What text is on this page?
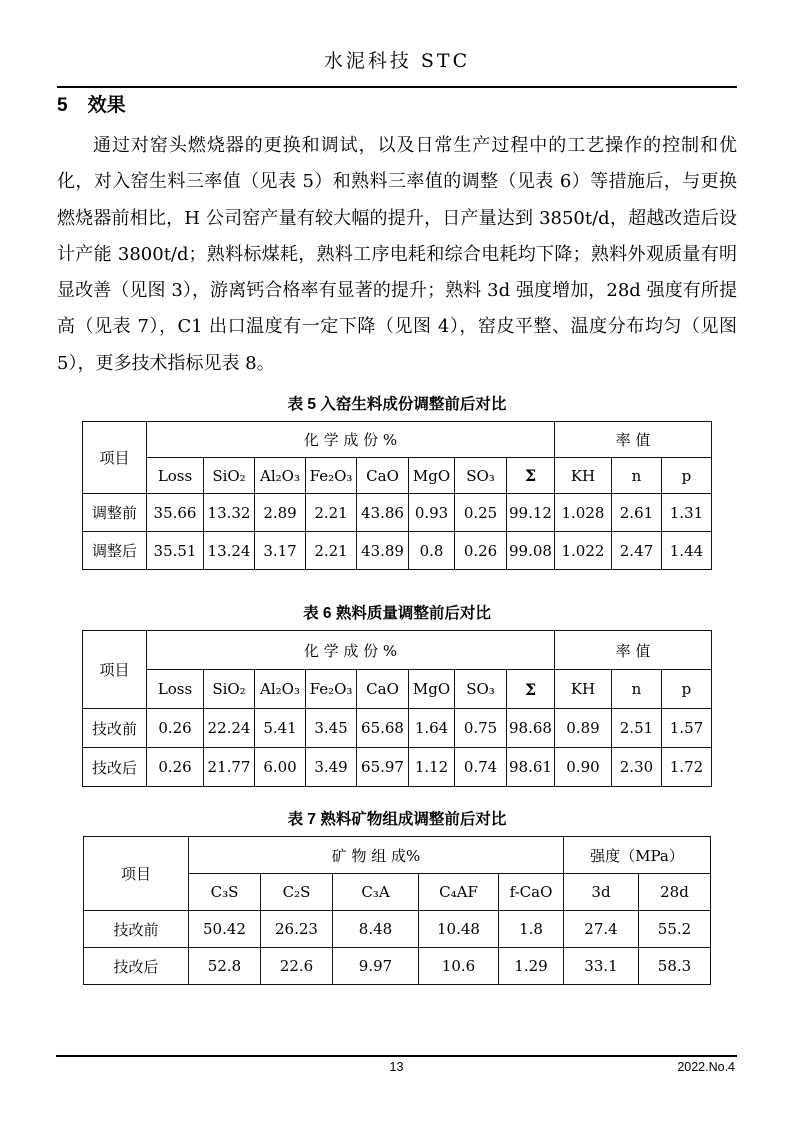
水泥科技 STC
5 效果

通过对窑头燃烧器的更换和调试，以及日常生产过程中的工艺操作的控制和优化，对入窑生料三率值（见表 5）和熟料三率值的调整（见表 6）等措施后，与更换燃烧器前相比，H 公司窑产量有较大幅的提升，日产量达到 3850t/d，超越改造后设计产能 3800t/d；熟料标煤耗，熟料工序电耗和综合电耗均下降；熟料外观质量有明显改善（见图 3），游离钙合格率有显著的提升；熟料 3d 强度增加，28d 强度有所提高（见表 7），C1 出口温度有一定下降（见图 4），窑皮平整、温度分布均匀（见图 5），更多技术指标见表 8。

表 5 入窑生料成份调整前后对比
项目	化 学 成 份 %								率 值		
	Loss	SiO₂	Al₂O₃	Fe₂O₃	CaO	MgO	SO₃	Σ	KH	n	p
调整前	35.66	13.32	2.89	2.21	43.86	0.93	0.25	99.12	1.028	2.61	1.31
调整后	35.51	13.24	3.17	2.21	43.89	0.8	0.26	99.08	1.022	2.47	1.44
表 6 熟料质量调整前后对比
项目	化 学 成 份 %								率 值		
	Loss	SiO₂	Al₂O₃	Fe₂O₃	CaO	MgO	SO₃	Σ	KH	n	p
技改前	0.26	22.24	5.41	3.45	65.68	1.64	0.75	98.68	0.89	2.51	1.57
技改后	0.26	21.77	6.00	3.49	65.97	1.12	0.74	98.61	0.90	2.30	1.72
表 7 熟料矿物组成调整前后对比
项目	矿 物 组 成%					强度（MPa）	
	C₃S	C₂S	C₃A	C₄AF	f-CaO	3d	28d
技改前	50.42	26.23	8.48	10.48	1.8	27.4	55.2
技改后	52.8	22.6	9.97	10.6	1.29	33.1	58.3
13	2022.No.4
